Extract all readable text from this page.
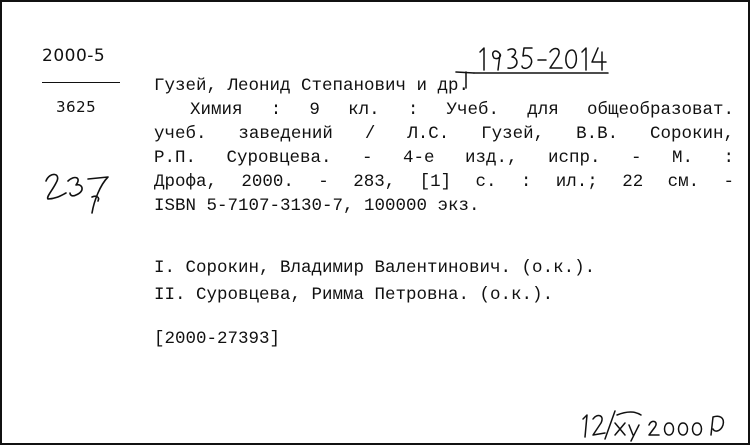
2000-5
3625
Гузей, Леонид Степанович и др.
Химия : 9 кл. : Учеб. для общеобразоват.
учеб. заведений / Л.С. Гузей, В.В. Сорокин,
Р.П. Суровцева. - 4-е изд., испр. - М. :
Дрофа, 2000. - 283, [1] с. : ил.; 22 см. -
ISBN 5-7107-3130-7, 100000 экз.
I. Сорокин, Владимир Валентинович. (о.к.).
II. Суровцева, Римма Петровна. (о.к.).
[2000-27393]
